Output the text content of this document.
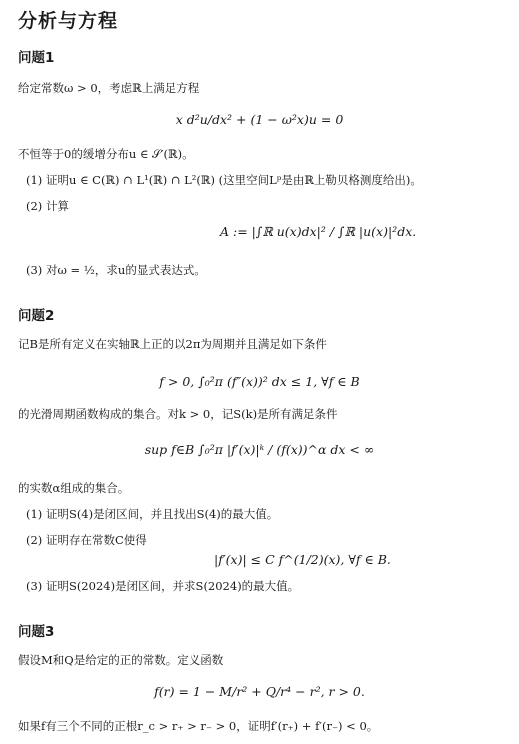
分析与方程
问题1
给定常数ω > 0，考虑ℝ上满足方程
x d²u/dx² + (1 − ω²x)u = 0
不恒等于0的缓增分布u ∈ 𝒮′(ℝ)。
(1) 证明u ∈ C(ℝ) ∩ L¹(ℝ) ∩ L²(ℝ) (这里空间Lᵖ是由ℝ上勒贝格测度给出)。
(2) 计算
A := |∫ℝ u(x)dx|² / ∫ℝ |u(x)|²dx.
(3) 对ω = ½，求u的显式表达式。
问题2
记B是所有定义在实轴ℝ上正的以2π为周期并且满足如下条件
f > 0, ∫₀²π (f″(x))² dx ≤ 1, ∀f ∈ B
的光滑周期函数构成的集合。对k > 0，记S(k)是所有满足条件
sup f∈B ∫₀²π |f′(x)|ᵏ / (f(x))^α dx < ∞
的实数α组成的集合。
(1) 证明S(4)是闭区间，并且找出S(4)的最大值。
(2) 证明存在常数C使得
|f′(x)| ≤ C f^(1/2)(x), ∀f ∈ B.
(3) 证明S(2024)是闭区间，并求S(2024)的最大值。
问题3
假设M和Q是给定的正的常数。定义函数
f(r) = 1 − M/r² + Q/r⁴ − r², r > 0.
如果f有三个不同的正根r_c > r₊ > r₋ > 0，证明f′(r₊) + f′(r₋) < 0。
